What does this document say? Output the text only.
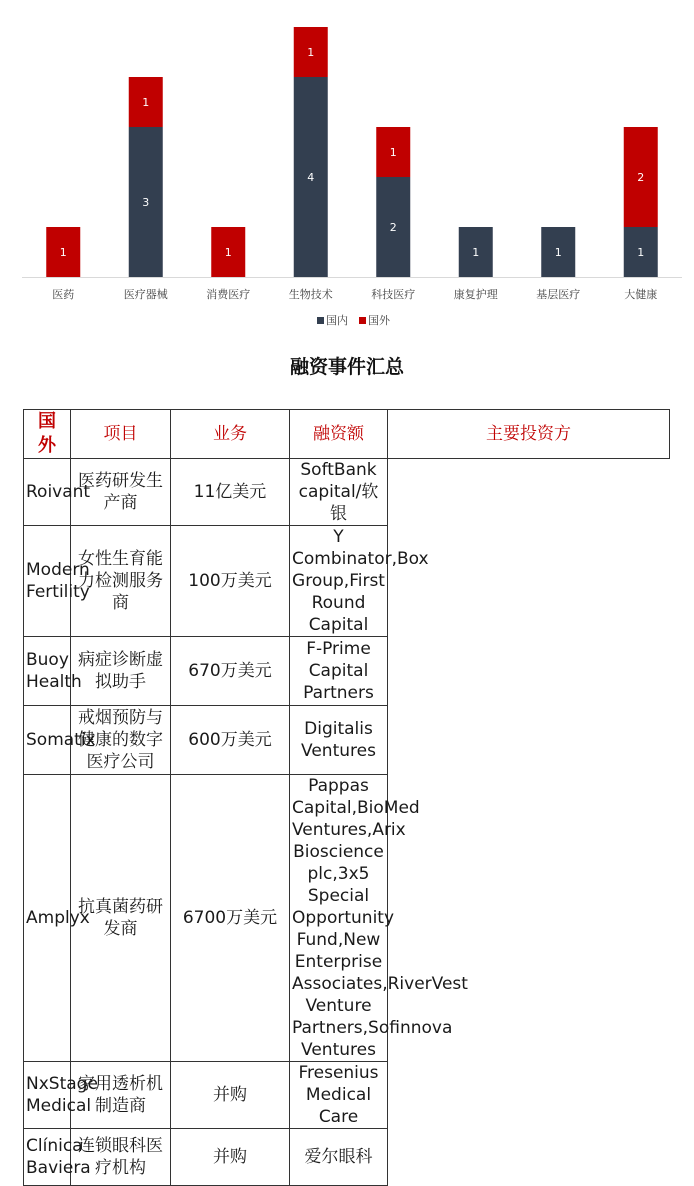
1
医药
3
1
医疗器械
1
消费医疗
4
1
生物技术
2
1
科技医疗
1
康复护理
1
基层医疗
1
2
大健康
国内 国外
融资事件汇总
国
外	项目	业务	融资额	主要投资方
Roivant	医药研发生产商	11亿美元	SoftBank capital/软银	
Modern Fertility	女性生育能力检测服务商	100万美元	Y Combinator,Box Group,First Round Capital	
Buoy Health	病症诊断虚拟助手	670万美元	F-Prime Capital Partners	
Somatix	戒烟预防与健康的数字医疗公司	600万美元	Digitalis Ventures	
Amplyx	抗真菌药研发商	6700万美元	Pappas Capital,BioMed Ventures,Arix Bioscience plc,3x5 Special Opportunity Fund,New Enterprise Associates,RiverVest Venture Partners,Sofinnova Ventures	
NxStage Medical	家用透析机制造商	并购	Fresenius Medical Care	
Clínica Baviera	连锁眼科医疗机构	并购	爱尔眼科	
